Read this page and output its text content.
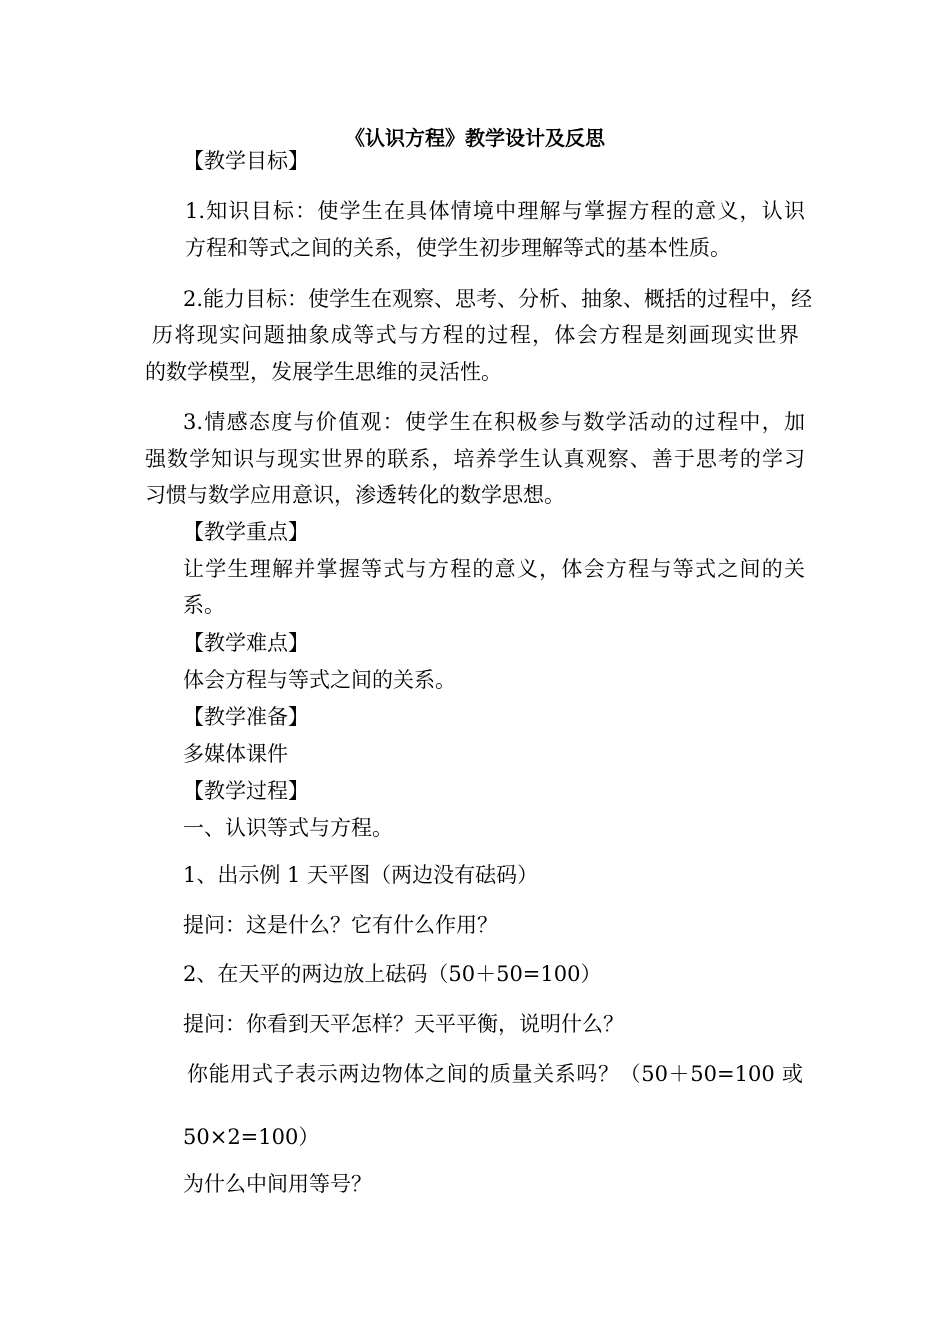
《认识方程》教学设计及反思
【教学目标】
1.知识目标：使学生在具体情境中理解与掌握方程的意义，认识
方程和等式之间的关系，使学生初步理解等式的基本性质。
2.能力目标：使学生在观察、思考、分析、抽象、概括的过程中，经
历将现实问题抽象成等式与方程的过程，体会方程是刻画现实世界
的数学模型，发展学生思维的灵活性。
3.情感态度与价值观：使学生在积极参与数学活动的过程中，加
强数学知识与现实世界的联系，培养学生认真观察、善于思考的学习
习惯与数学应用意识，渗透转化的数学思想。
【教学重点】
让学生理解并掌握等式与方程的意义，体会方程与等式之间的关
系。
【教学难点】
体会方程与等式之间的关系。
【教学准备】
多媒体课件
【教学过程】
一、认识等式与方程。
1、出示例 1 天平图（两边没有砝码）
提问：这是什么？它有什么作用？
2、在天平的两边放上砝码（50＋50=100）
提问：你看到天平怎样？天平平衡，说明什么？
你能用式子表示两边物体之间的质量关系吗？（50＋50=100 或
50×2=100）
为什么中间用等号？
